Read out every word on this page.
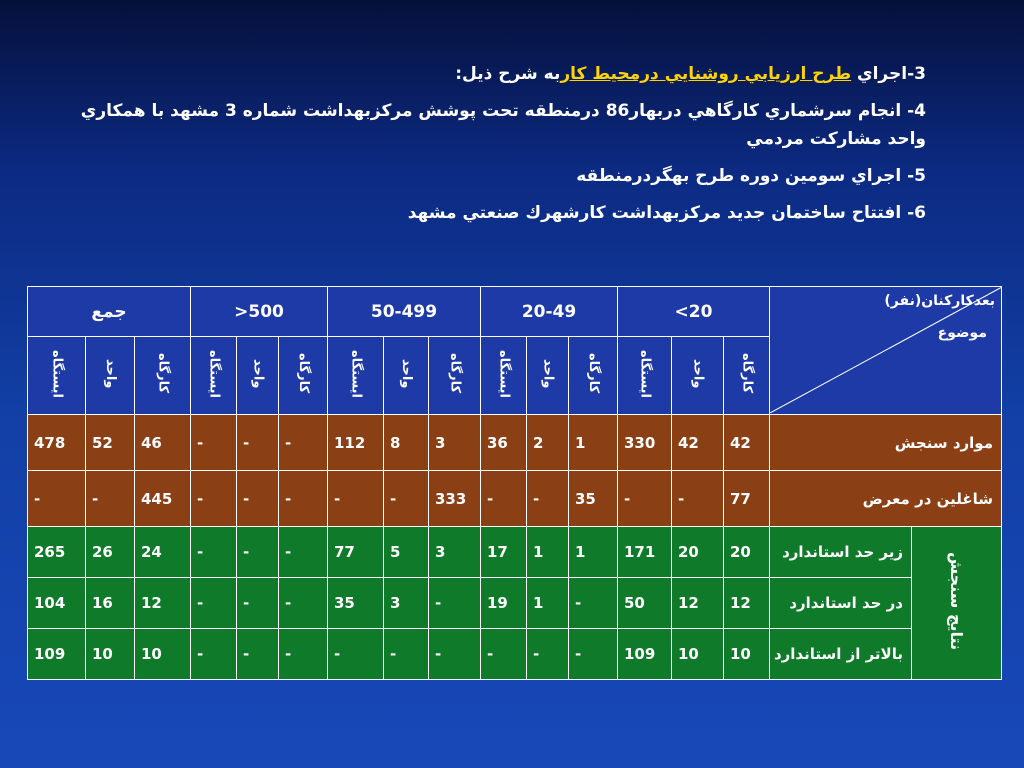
3-اجراي طرح ارزيابي روشنايي درمحيط كاربه شرح ذيل:
4- انجام سرشماري كارگاهي دربهار86 درمنطقه تحت پوشش مركزبهداشت شماره 3 مشهد با همكاري واحد مشاركت مردمي
5- اجراي سومين دوره طرح بهگردرمنطقه
6- افتتاح ساختمان جديد مركزبهداشت كارشهرك صنعتي مشهد
بعدكاركنان(نفر)
موضوع		20>			20-49			50-499			500<			جمع		
		كارگاه	واحد	ايستگاه	كارگاه	واحد	ايستگاه	كارگاه	واحد	ايستگاه	كارگاه	واحد	ايستگاه	كارگاه	واحد	ايستگاه
موارد سنجش		42	42	330	1	2	36	3	8	112	-	-	-	46	52	478
شاغلين در معرض		77	-	-	35	-	-	333	-	-	-	-	-	445	-	-
نتايج سنجش	زير حد استاندارد	20	20	171	1	1	17	3	5	77	-	-	-	24	26	265
	در حد استاندارد	12	12	50	-	1	19	-	3	35	-	-	-	12	16	104
	بالاتر از استاندارد	10	10	109	-	-	-	-	-	-	-	-	-	10	10	109
